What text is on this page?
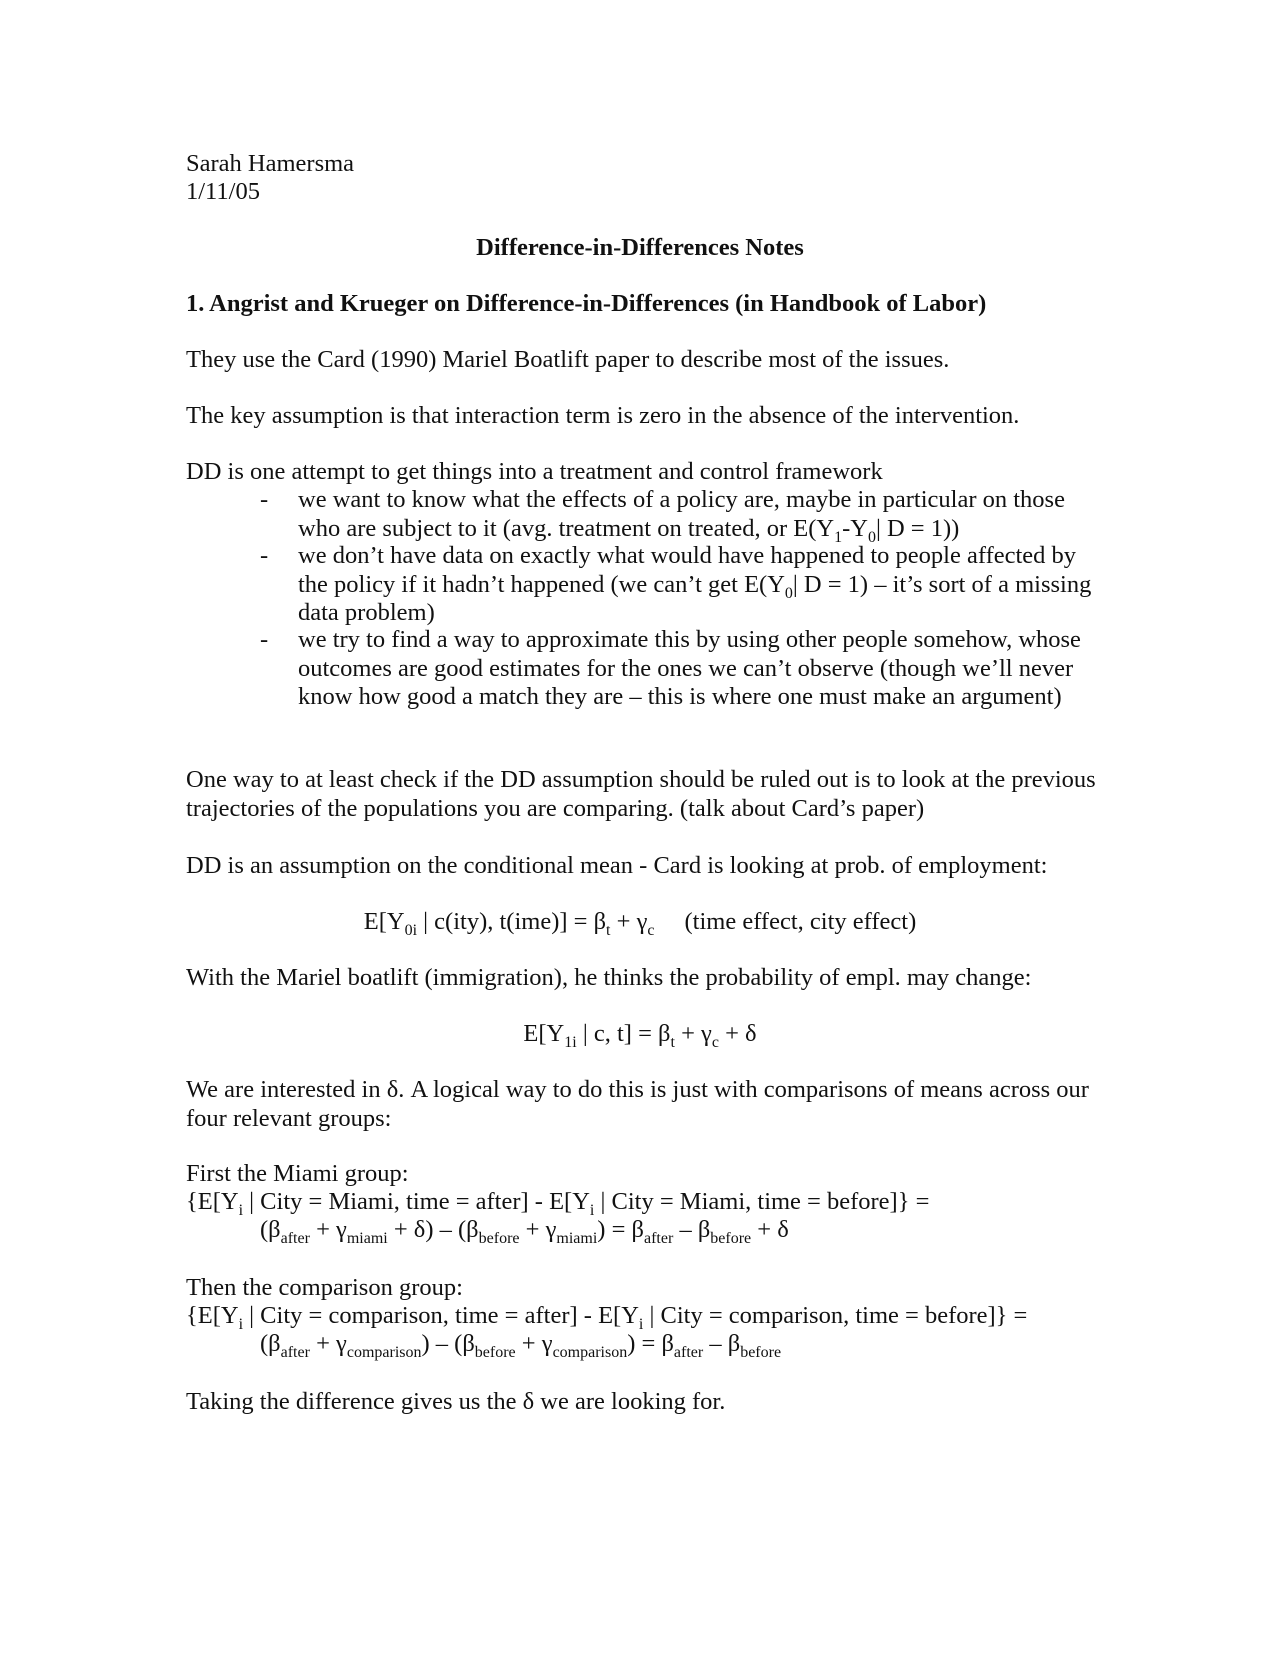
Sarah Hamersma
1/11/05
Difference-in-Differences Notes
1. Angrist and Krueger on Difference-in-Differences (in Handbook of Labor)

They use the Card (1990) Mariel Boatlift paper to describe most of the issues.

The key assumption is that interaction term is zero in the absence of the intervention.

DD is one attempt to get things into a treatment and control framework

- we want to know what the effects of a policy are, maybe in particular on those who are subject to it (avg. treatment on treated, or $E(Y_1-Y_0|$ D = 1))

- we don’t have data on exactly what would have happened to people affected by the policy if it hadn’t happened (we can’t get $E(Y_0|$ D = 1) – it’s sort of a missing data problem)

- we try to find a way to approximate this by using other people somehow, whose outcomes are good estimates for the ones we can’t observe (though we’ll never know how good a match they are – this is where one must make an argument)

One way to at least check if the DD assumption should be ruled out is to look at the previous trajectories of the populations you are comparing. (talk about Card’s paper)

DD is an assumption on the conditional mean - Card is looking at prob. of employment:

$E[Y_{0i}$ | c(ity), $t(ime)] = \beta_t + \gamma_c$ (time effect, city effect)

With the Mariel boatlift (immigration), he thinks the probability of empl. may change:

$E[Y_{1i}$ | c, $t] = \beta_t + \gamma_c + \delta$

We are interested in δ. A logical way to do this is just with comparisons of means across our four relevant groups:

First the Miami group:
{$E[Y_i$ | City = Miami, time = after] - $E[Y_i$ | City = Miami, time = before]} =
$(\beta_{after} + \gamma_{miami} + \delta) - (\beta_{before} + \gamma_{miami}) = \beta_{after} - \beta_{before} + \delta$
Then the comparison group:
{$E[Y_i$ | City = comparison, time = after] - $E[Y_i$ | City = comparison, time = before]} =
$(\beta_{after} + \gamma_{comparison}) - (\beta_{before} + \gamma_{comparison}) = \beta_{after} - \beta_{before}$

Taking the difference gives us the δ we are looking for.
